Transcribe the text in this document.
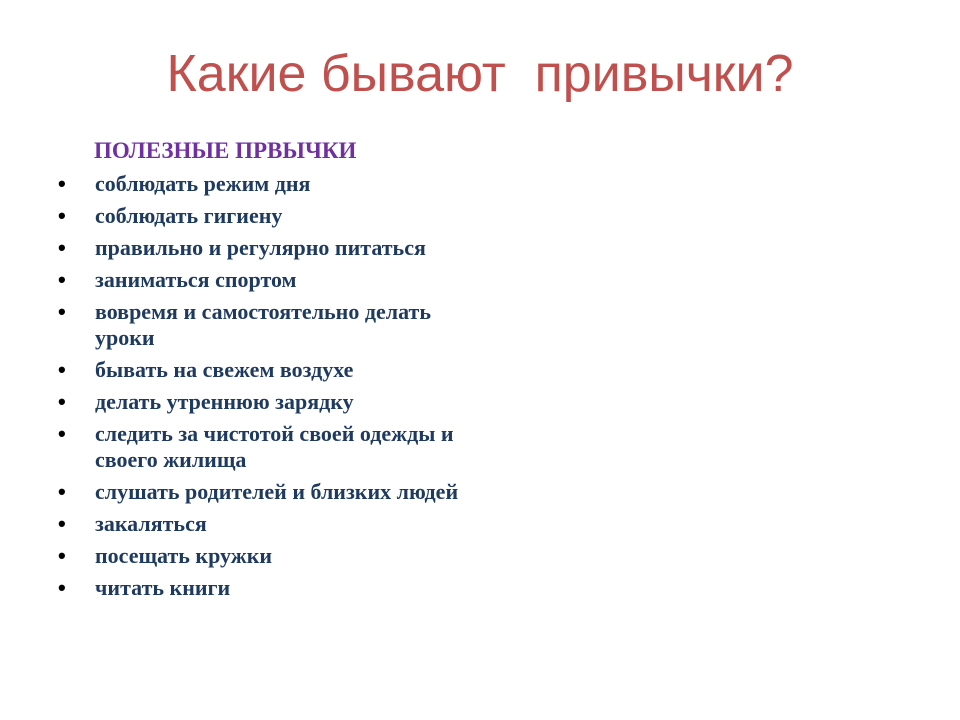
Какие бывают  привычки?
ПОЛЕЗНЫЕ ПРВЫЧКИ
• соблюдать режим дня
• соблюдать гигиену
• правильно и регулярно питаться
• заниматься спортом
• вовремя и самостоятельно делать уроки
• бывать на свежем воздухе
• делать утреннюю зарядку
• следить за чистотой своей одежды и своего жилища
• слушать родителей и близких людей
• закаляться
• посещать кружки
• читать книги
